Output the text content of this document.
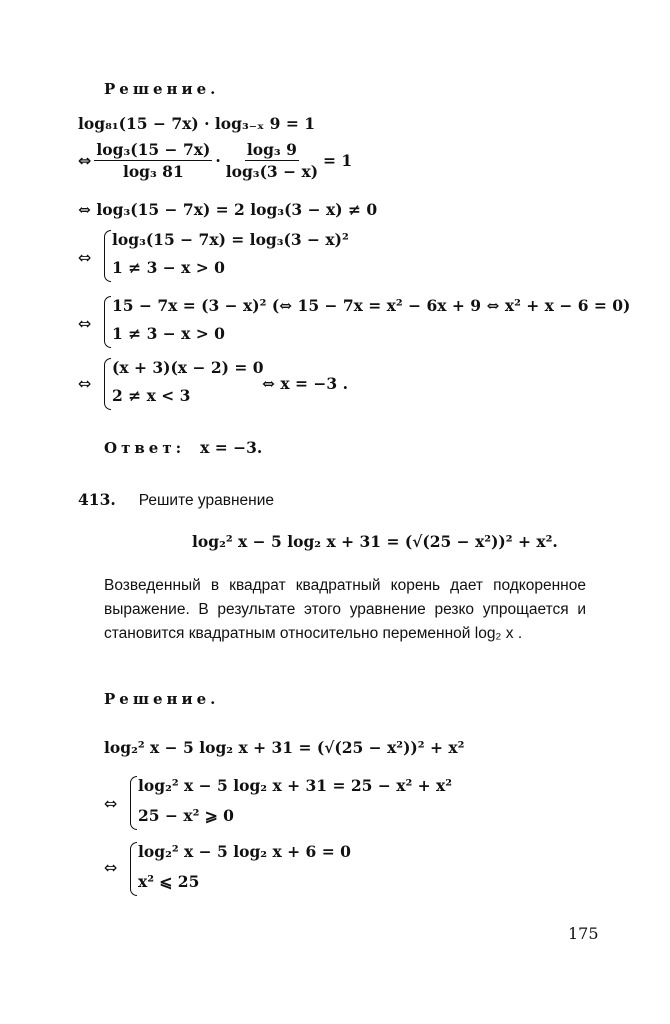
Решение.
log₈₁(15 − 7x) · log₃₋ₓ 9 = 1
⇔ $\frac{\text{log₃(15 − 7x)}}{\text{log₃ 81}} \cdot \frac{\text{log₃ 9}}{\text{log₃(3 − x)}} = 1$
⇔ log₃(15 − 7x) = 2 log₃(3 − x) ≠ 0
⇔
log₃(15 − 7x) = log₃(3 − x)²
1 ≠ 3 − x > 0
⇔
15 − 7x = (3 − x)² (⇔ 15 − 7x = x² − 6x + 9 ⇔ x² + x − 6 = 0)
1 ≠ 3 − x > 0
⇔
(x + 3)(x − 2) = 0
2 ≠ x < 3
⇔ x = −3 .
Ответ: x = −3.
413. Решите уравнение
log₂² x − 5 log₂ x + 31 = (√(25 − x²))² + x².
Возведенный в квадрат квадратный корень дает подкоренное выражение. В результате этого уравнение резко упрощается и становится квадратным относительно переменной log₂ x .
Решение.
log₂² x − 5 log₂ x + 31 = (√(25 − x²))² + x²
⇔
log₂² x − 5 log₂ x + 31 = 25 − x² + x²
25 − x² ⩾ 0
⇔
log₂² x − 5 log₂ x + 6 = 0
x² ⩽ 25
175
